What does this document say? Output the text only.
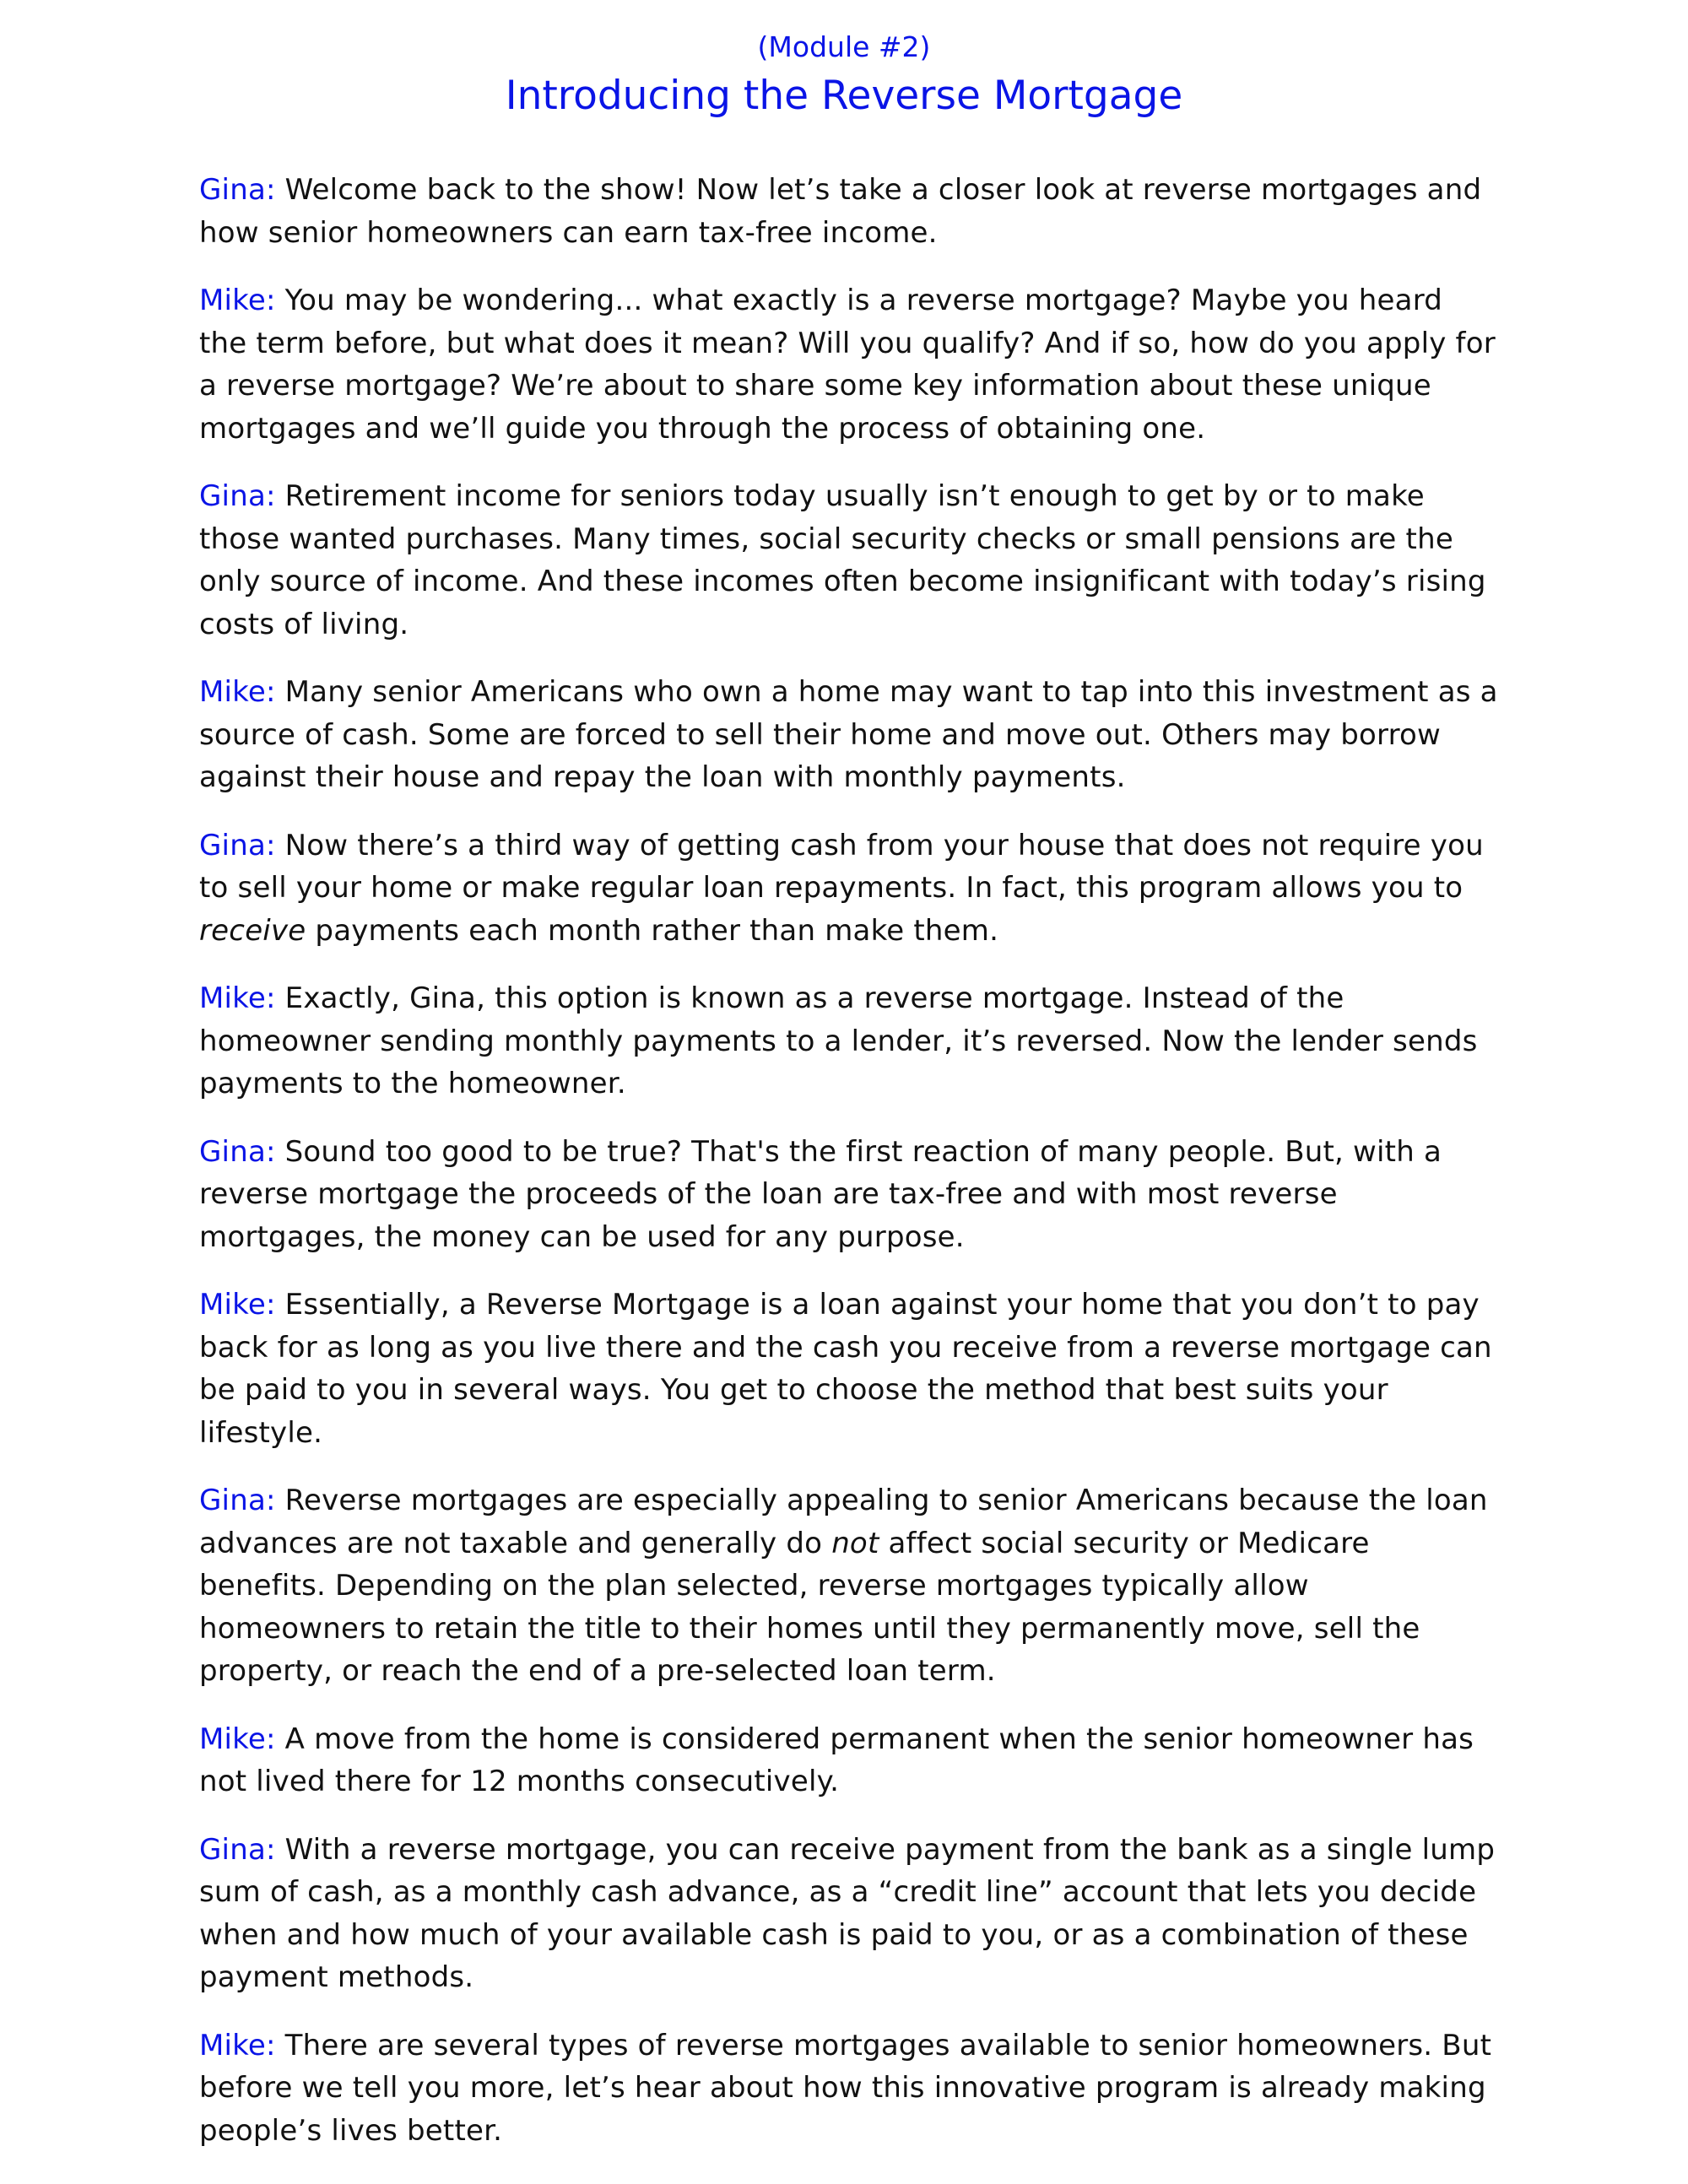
(Module #2)
Introducing the Reverse Mortgage

Gina: Welcome back to the show! Now let’s take a closer look at reverse mortgages and how senior homeowners can earn tax-free income.

Mike: You may be wondering... what exactly is a reverse mortgage? Maybe you heard the term before, but what does it mean? Will you qualify? And if so, how do you apply for a reverse mortgage? We’re about to share some key information about these unique mortgages and we’ll guide you through the process of obtaining one.

Gina: Retirement income for seniors today usually isn’t enough to get by or to make those wanted purchases. Many times, social security checks or small pensions are the only source of income. And these incomes often become insignificant with today’s rising costs of living.

Mike: Many senior Americans who own a home may want to tap into this investment as a source of cash. Some are forced to sell their home and move out. Others may borrow against their house and repay the loan with monthly payments.

Gina: Now there’s a third way of getting cash from your house that does not require you to sell your home or make regular loan repayments. In fact, this program allows you to receive payments each month rather than make them.

Mike: Exactly, Gina, this option is known as a reverse mortgage. Instead of the homeowner sending monthly payments to a lender, it’s reversed. Now the lender sends payments to the homeowner.

Gina: Sound too good to be true? That's the first reaction of many people. But, with a reverse mortgage the proceeds of the loan are tax-free and with most reverse mortgages, the money can be used for any purpose.

Mike: Essentially, a Reverse Mortgage is a loan against your home that you don’t to pay back for as long as you live there and the cash you receive from a reverse mortgage can be paid to you in several ways. You get to choose the method that best suits your lifestyle.

Gina: Reverse mortgages are especially appealing to senior Americans because the loan advances are not taxable and generally do not affect social security or Medicare benefits. Depending on the plan selected, reverse mortgages typically allow homeowners to retain the title to their homes until they permanently move, sell the property, or reach the end of a pre-selected loan term.

Mike: A move from the home is considered permanent when the senior homeowner has not lived there for 12 months consecutively.

Gina: With a reverse mortgage, you can receive payment from the bank as a single lump sum of cash, as a monthly cash advance, as a “credit line” account that lets you decide when and how much of your available cash is paid to you, or as a combination of these payment methods.

Mike: There are several types of reverse mortgages available to senior homeowners. But before we tell you more, let’s hear about how this innovative program is already making people’s lives better.
